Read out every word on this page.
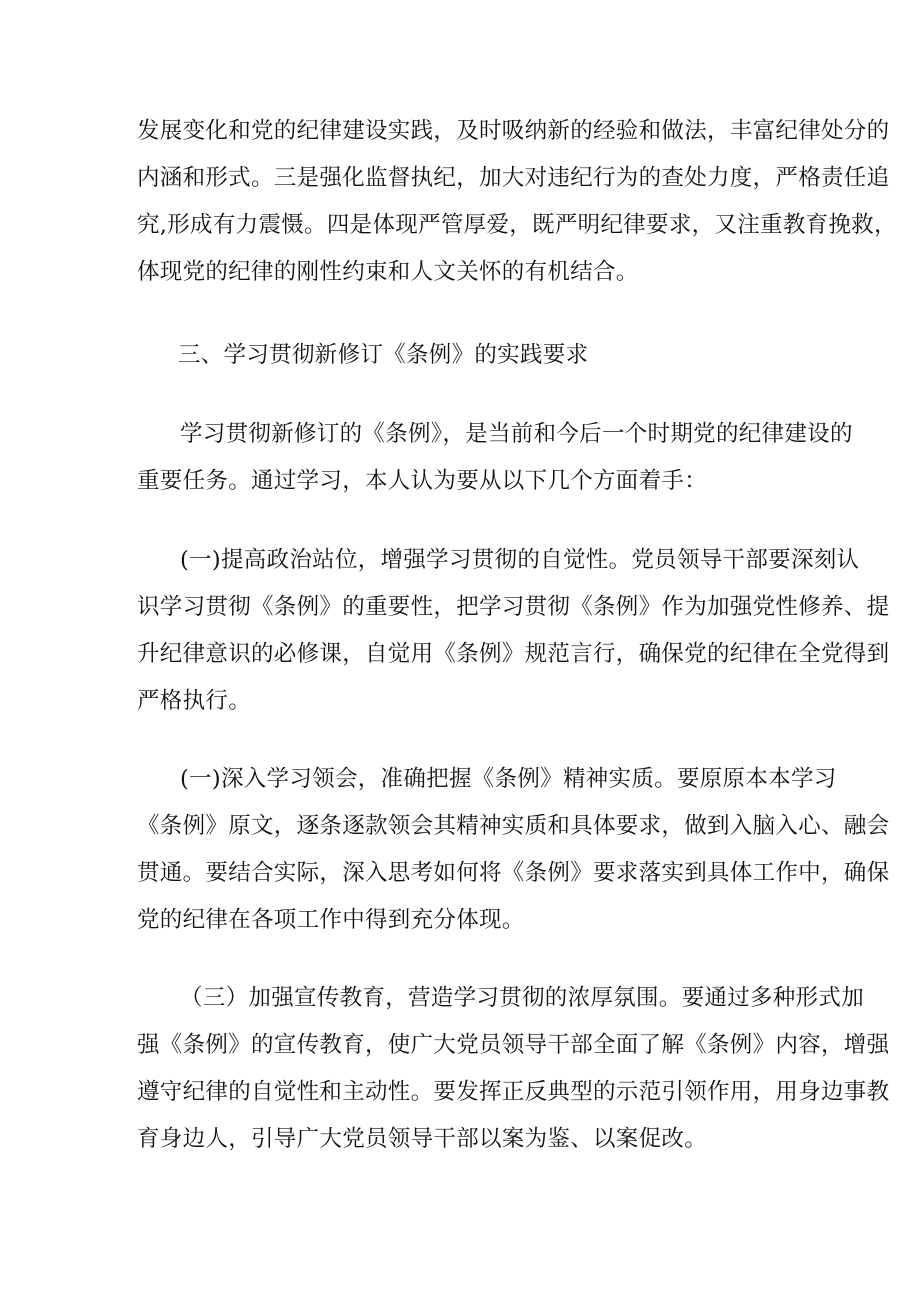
发展变化和党的纪律建设实践，及时吸纳新的经验和做法，丰富纪律处分的
内涵和形式。三是强化监督执纪，加大对违纪行为的查处力度，严格责任追
究,形成有力震慑。四是体现严管厚爱，既严明纪律要求，又注重教育挽救，
体现党的纪律的刚性约束和人文关怀的有机结合。
三、学习贯彻新修订《条例》的实践要求
学习贯彻新修订的《条例》，是当前和今后一个时期党的纪律建设的
重要任务。通过学习，本人认为要从以下几个方面着手：
(一)提高政治站位，增强学习贯彻的自觉性。党员领导干部要深刻认
识学习贯彻《条例》的重要性，把学习贯彻《条例》作为加强党性修养、提
升纪律意识的必修课，自觉用《条例》规范言行，确保党的纪律在全党得到
严格执行。
(一)深入学习领会，准确把握《条例》精神实质。要原原本本学习
《条例》原文，逐条逐款领会其精神实质和具体要求，做到入脑入心、融会
贯通。要结合实际，深入思考如何将《条例》要求落实到具体工作中，确保
党的纪律在各项工作中得到充分体现。
（三）加强宣传教育，营造学习贯彻的浓厚氛围。要通过多种形式加
强《条例》的宣传教育，使广大党员领导干部全面了解《条例》内容，增强
遵守纪律的自觉性和主动性。要发挥正反典型的示范引领作用，用身边事教
育身边人，引导广大党员领导干部以案为鉴、以案促改。
